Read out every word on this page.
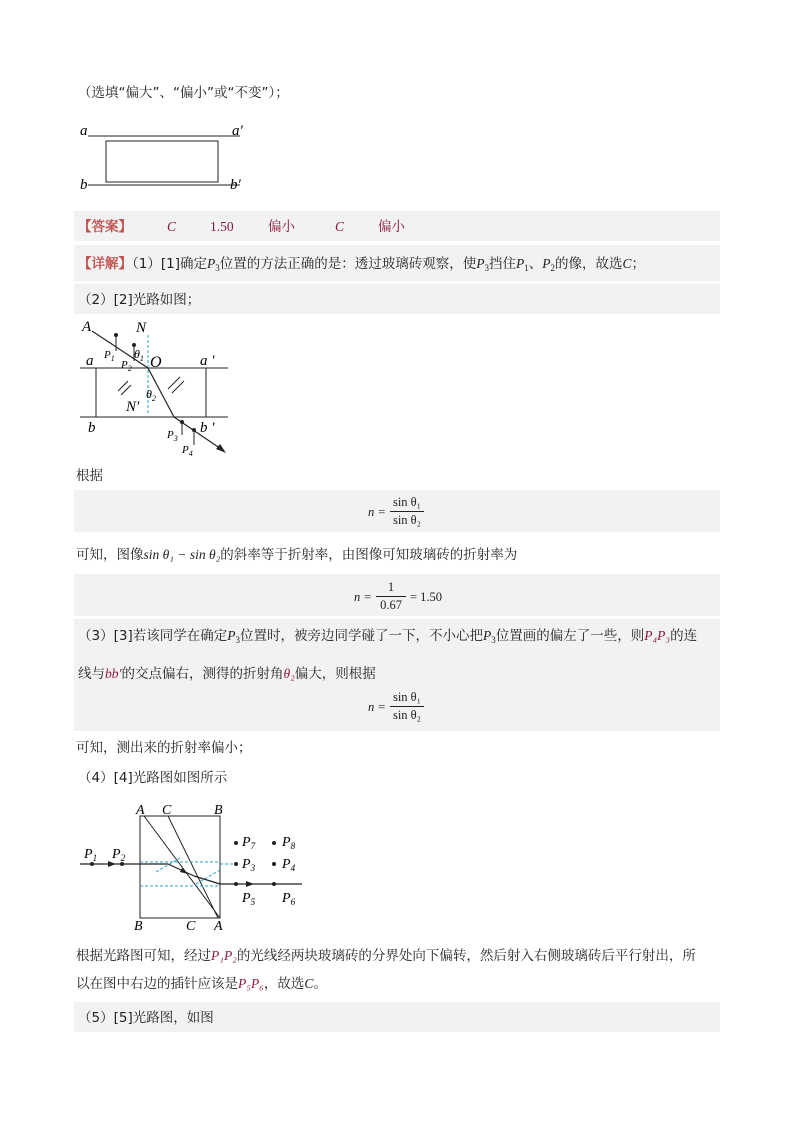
（选填“偏大”、“偏小”或“不变”）；
a	a′
b	b′
【答案】	C	1.50	偏小	C	偏小
【详解】（1）[1]确定$P_3$位置的方法正确的是：透过玻璃砖观察，使$P_3$挡住$P_1$、$P_2$的像，故选C；
（2）[2]光路如图；
A	N
a $P_1$
$P_2$
$\theta_1$ O	a ′
N′
$\theta_2$
b	$P_3$
b ′
$P_4$
根据
n =
sin θ₁
sin θ₂
可知，图像sin θ₁ − sin θ₂的斜率等于折射率，由图像可知玻璃砖的折射率为
n =
1
0.67
= 1.50
（3）[3]若该同学在确定$P_3$位置时，被旁边同学碰了一下，不小心把$P_3$位置画的偏左了一些，则P₄P₃的连
线与bb′的交点偏右，测得的折射角θ₂偏大，则根据
n =
sin θ₁
sin θ₂
可知，测出来的折射率偏小；
（4）[4]光路图如图所示
A C	B
B	C A
$P_1$ $P_2$
$P_7$ $P_8$
$P_3$ $P_4$
$P_5$ $P_6$
根据光路图可知，经过P₁P₂的光线经两块玻璃砖的分界处向下偏转，然后射入右侧玻璃砖后平行射出，所
以在图中右边的插针应该是P₅P₆，故选C。
（5）[5]光路图，如图
